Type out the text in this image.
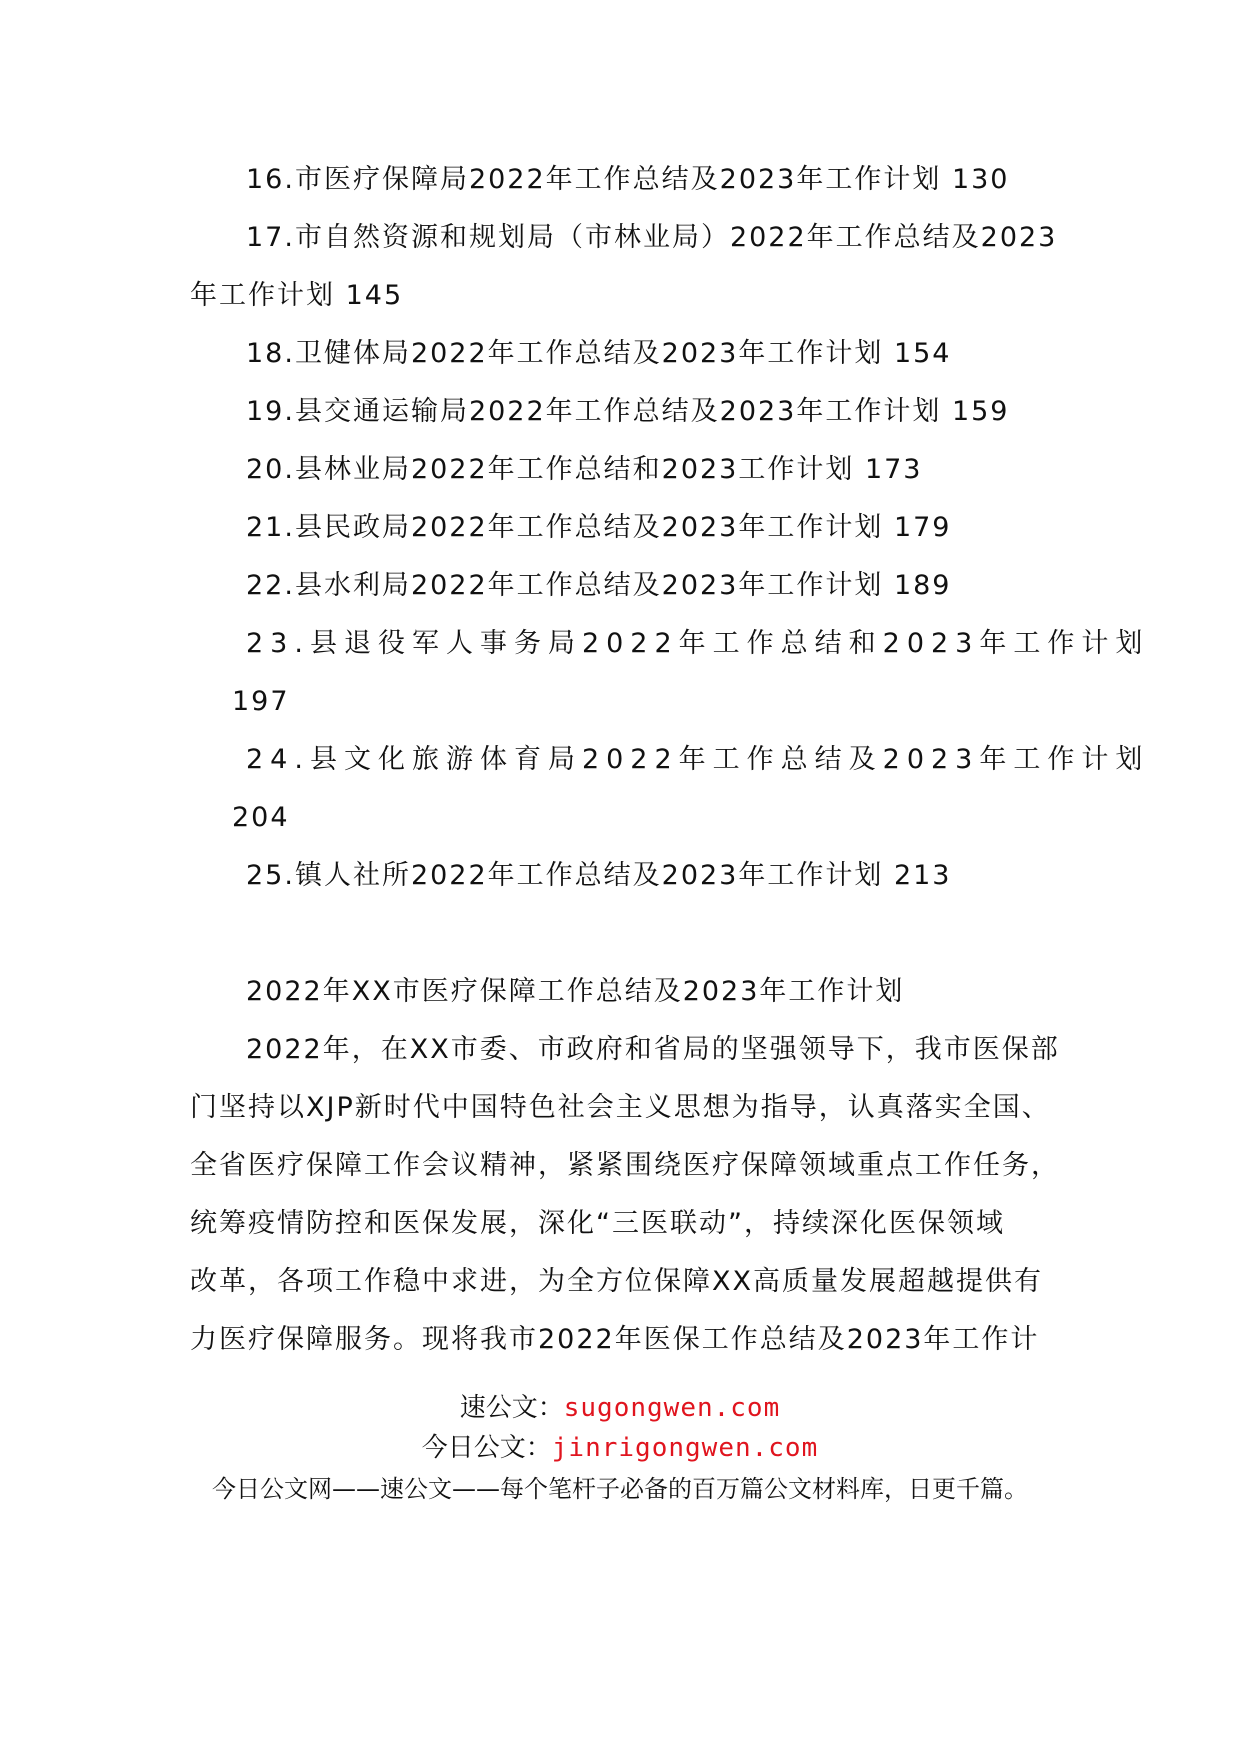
16.市医疗保障局2022年工作总结及2023年工作计划 130
17.市自然资源和规划局（市林业局）2022年工作总结及2023
年工作计划 145
18.卫健体局2022年工作总结及2023年工作计划 154
19.县交通运输局2022年工作总结及2023年工作计划 159
20.县林业局2022年工作总结和2023工作计划 173
21.县民政局2022年工作总结及2023年工作计划 179
22.县水利局2022年工作总结及2023年工作计划 189
23.县退役军人事务局2022年工作总结和2023年工作计划
197
24.县文化旅游体育局2022年工作总结及2023年工作计划
204
25.镇人社所2022年工作总结及2023年工作计划 213
2022年XX市医疗保障工作总结及2023年工作计划
2022年，在XX市委、市政府和省局的坚强领导下，我市医保部
门坚持以XJP新时代中国特色社会主义思想为指导，认真落实全国、
全省医疗保障工作会议精神，紧紧围绕医疗保障领域重点工作任务，
统筹疫情防控和医保发展，深化“三医联动”，持续深化医保领域
改革，各项工作稳中求进，为全方位保障XX高质量发展超越提供有
力医疗保障服务。现将我市2022年医保工作总结及2023年工作计
速公文：sugongwen.com
今日公文：jinrigongwen.com
今日公文网——速公文——每个笔杆子必备的百万篇公文材料库，日更千篇。
